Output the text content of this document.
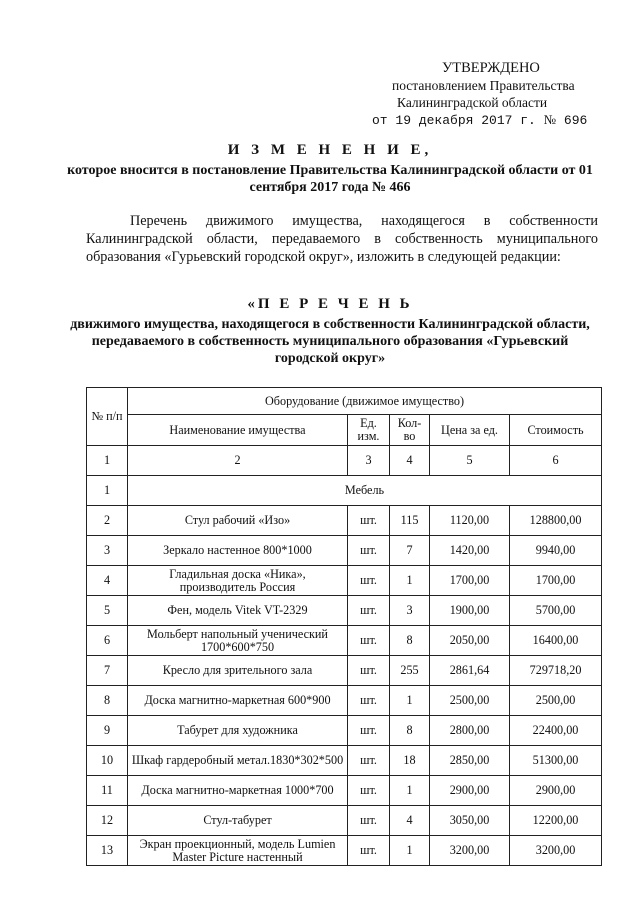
УТВЕРЖДЕНО
постановлением Правительства
Калининградской области
от 19 декабря 2017 г. № 696
И З М Е Н Е Н И Е,
которое вносится в постановление Правительства Калининградской области от 01 сентября 2017 года № 466
Перечень движимого имущества, находящегося в собственности Калининградской области, передаваемого в собственность муниципального образования «Гурьевский городской округ», изложить в следующей редакции:
«П Е Р Е Ч Е Н Ь
движимого имущества, находящегося в собственности Калининградской области, передаваемого в собственность муниципального образования «Гурьевский городской округ»
№ п/п	Оборудование (движимое имущество)				
	Наименование имущества	Ед. изм.	Кол-во	Цена за ед.	Стоимость
1	2	3	4	5	6
1	Мебель				
2	Стул рабочий «Изо»	шт.	115	1120,00	128800,00
3	Зеркало настенное 800*1000	шт.	7	1420,00	9940,00
4	Гладильная доска «Ника», производитель Россия	шт.	1	1700,00	1700,00
5	Фен, модель Vitek VT-2329	шт.	3	1900,00	5700,00
6	Мольберт напольный ученический 1700*600*750	шт.	8	2050,00	16400,00
7	Кресло для зрительного зала	шт.	255	2861,64	729718,20
8	Доска магнитно-маркетная 600*900	шт.	1	2500,00	2500,00
9	Табурет для художника	шт.	8	2800,00	22400,00
10	Шкаф гардеробный метал.1830*302*500	шт.	18	2850,00	51300,00
11	Доска магнитно-маркетная 1000*700	шт.	1	2900,00	2900,00
12	Стул-табурет	шт.	4	3050,00	12200,00
13	Экран проекционный, модель Lumien Master Picture настенный	шт.	1	3200,00	3200,00
